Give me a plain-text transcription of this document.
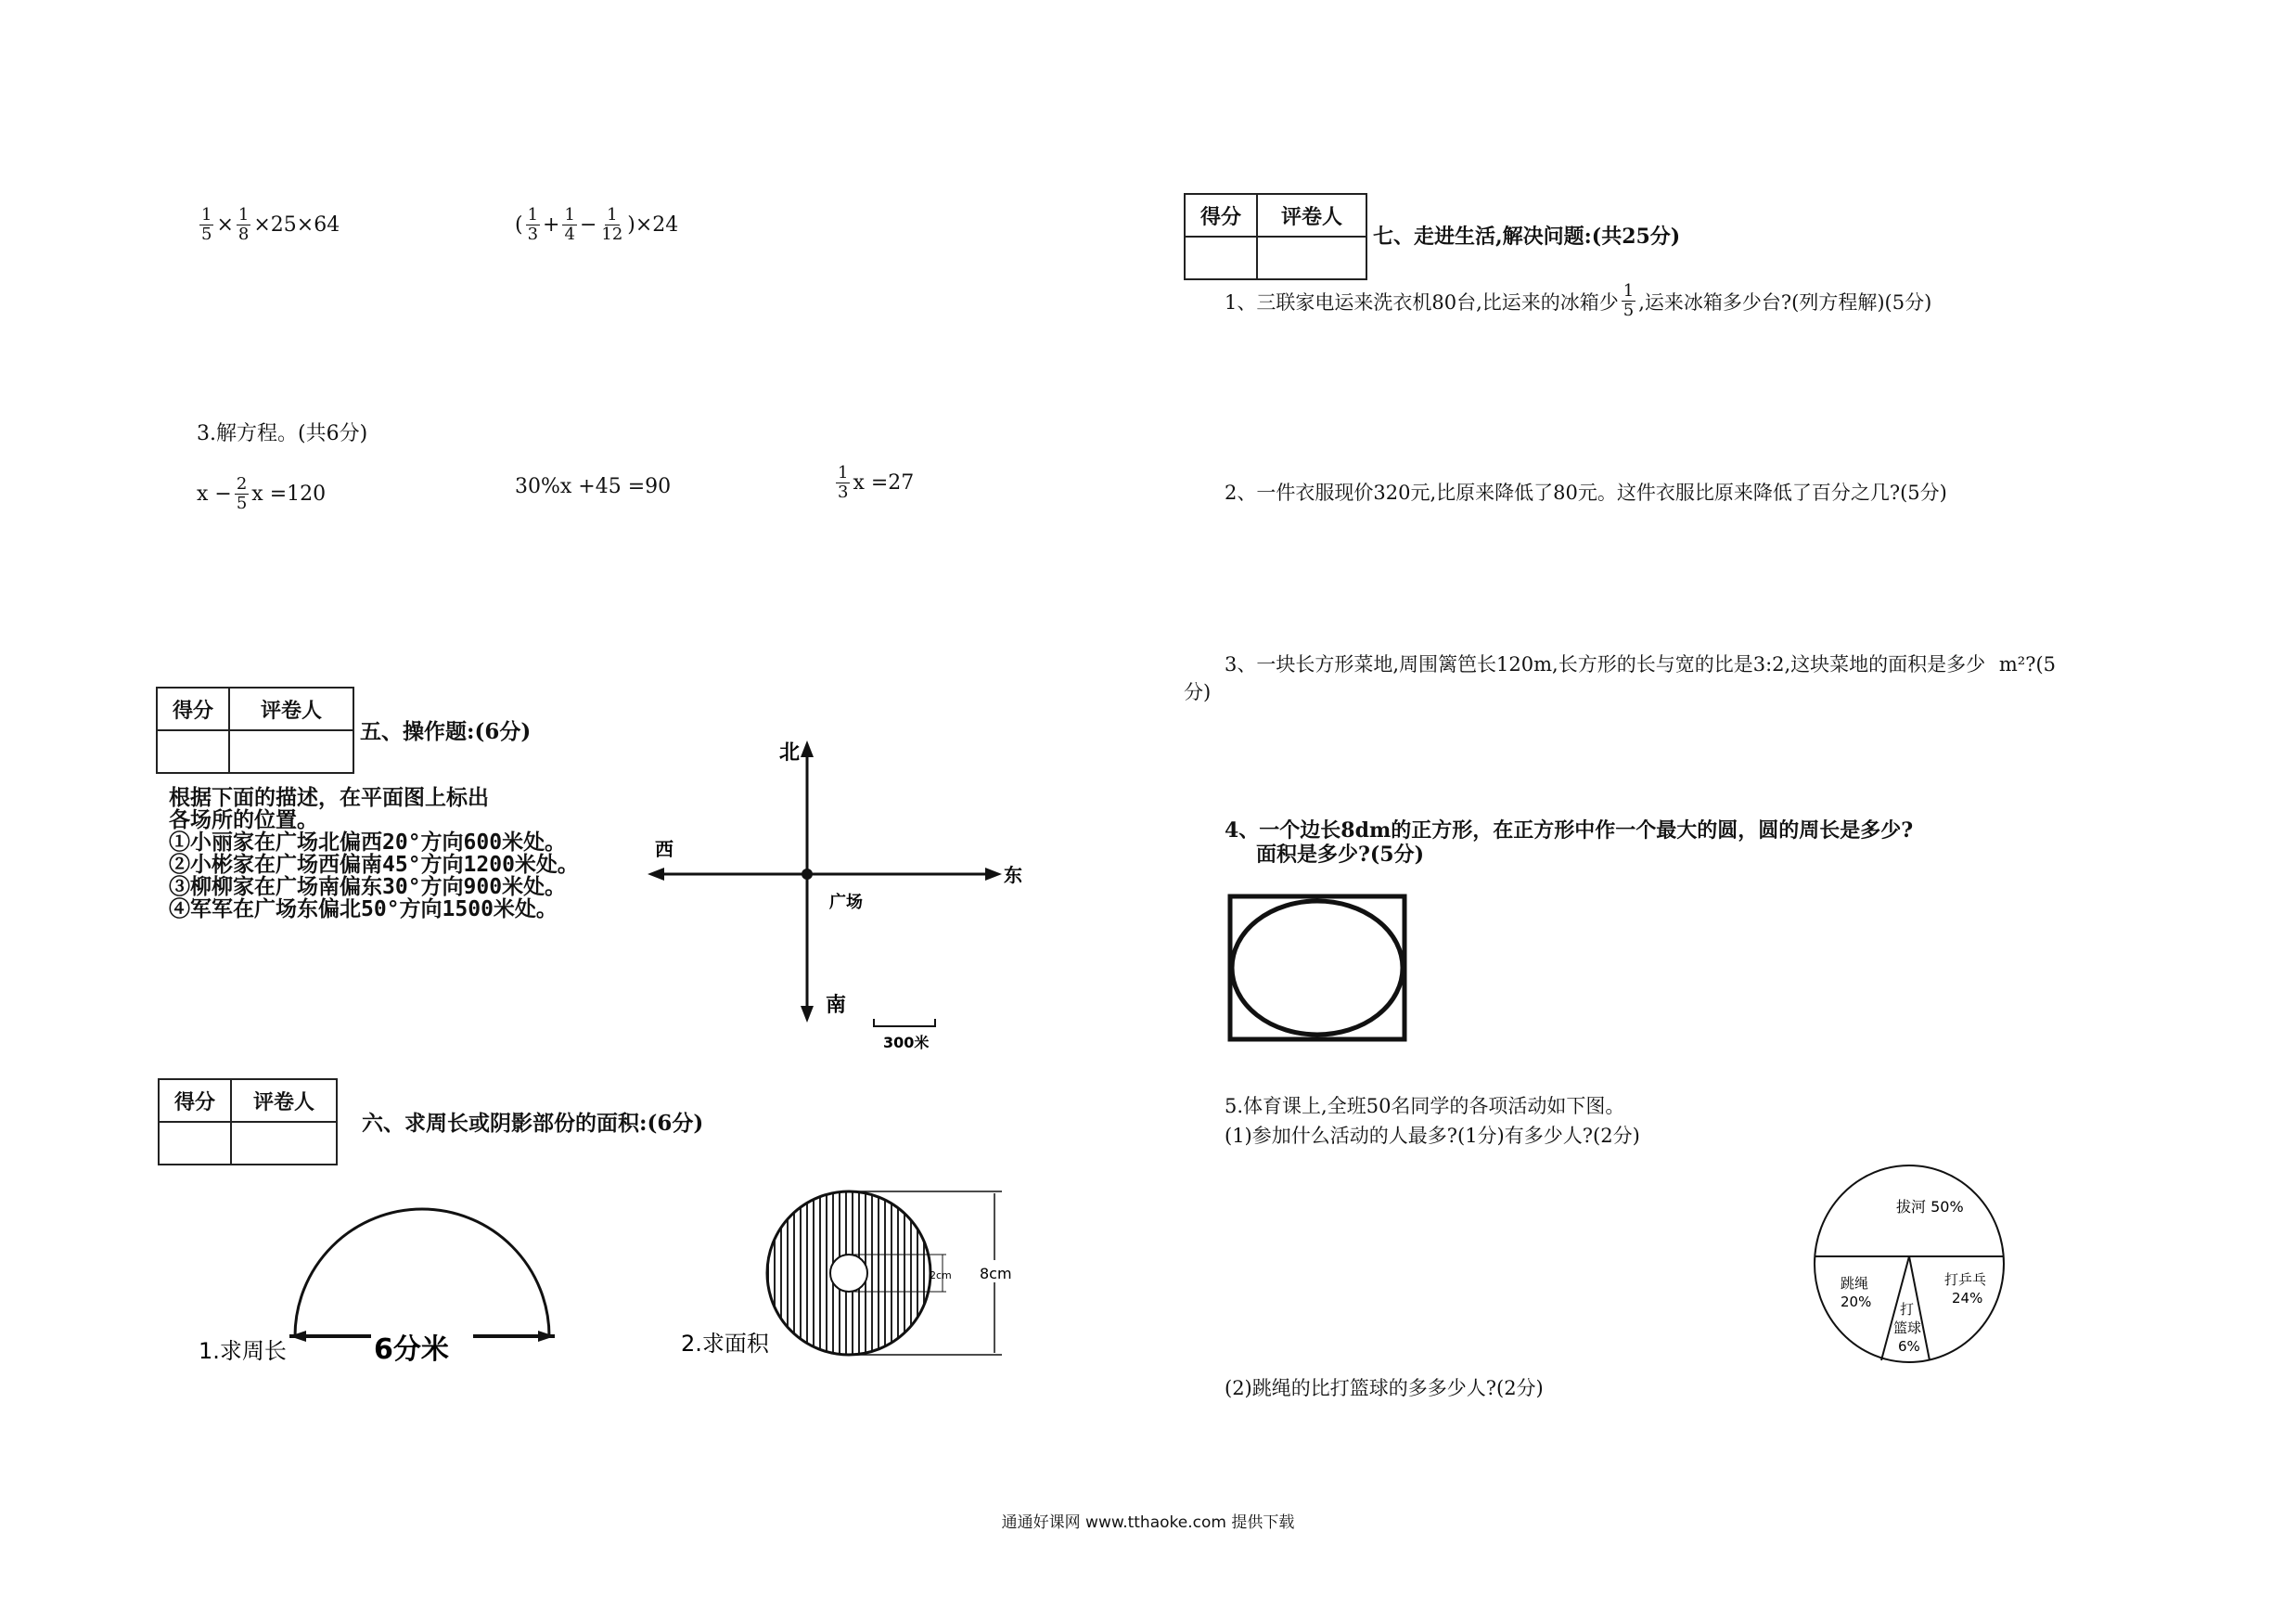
$\frac{1}{5} \times \frac{1}{8} \times 25\times 64$	( $\frac{1}{3} + \frac{1}{4} - \frac{1}{12} )\times 24$
3.解方程。(共6分)
$x - \frac{2}{5}$ x =120	30%x +45 =90	$\frac{1}{3}$ x =27
得分	评卷人

五、操作题:(6分)
根据下面的描述，在平面图上标出
各场所的位置。
①小丽家在广场北偏西20°方向600米处。
②小彬家在广场西偏南45°方向1200米处。
③柳柳家在广场南偏东30°方向900米处。
④军军在广场东偏北50°方向1500米处。
北
南
西
东
广场
300米
得分	评卷人

六、求周长或阴影部份的面积:(6分)
6分米
1.求周长
2cm 8cm
2.求面积
得分	评卷人

七、走进生活,解决问题:(共25分)
1、三联家电运来洗衣机80台,比运来的冰箱少 $\frac{1}{5}$ ,运来冰箱多少台?(列方程解)(5分)
2、一件衣服现价320元,比原来降低了80元。这件衣服比原来降低了百分之几?(5分)
3、一块长方形菜地,周围篱笆长120m,长方形的长与宽的比是3:2,这块菜地的面积是多少 m²?(5
分)
4、一个边长8dm的正方形，在正方形中作一个最大的圆，圆的周长是多少?
面积是多少?(5分)
5.体育课上,全班50名同学的各项活动如下图。
(1)参加什么活动的人最多?(1分)有多少人?(2分)
拔河 50%
跳绳
20%
打乒乓
24%
打
篮球
6%
(2)跳绳的比打篮球的多多少人?(2分)
通通好课网 www.tthaoke.com 提供下载
